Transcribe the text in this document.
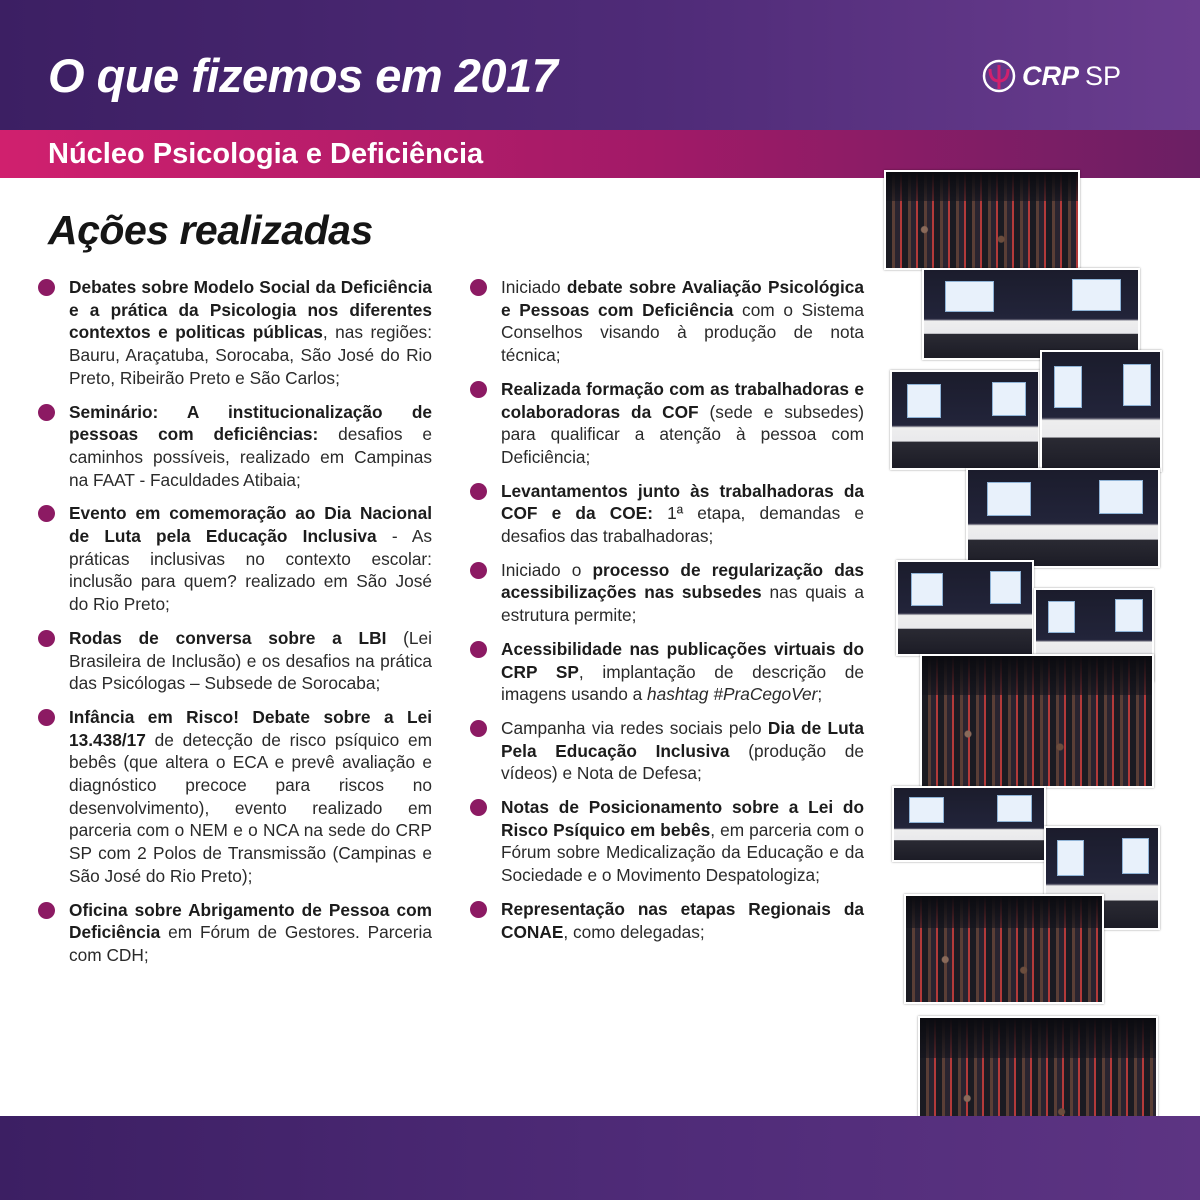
O que fizemos em 2017	CRP SP
Núcleo Psicologia e Deficiência
Ações realizadas
Debates sobre Modelo Social da Deficiência e a prática da Psicologia nos diferentes contextos e politicas públicas, nas regiões: Bauru, Araçatuba, Sorocaba, São José do Rio Preto, Ribeirão Preto e São Carlos;
Seminário: A institucionalização de pessoas com deficiências: desafios e caminhos possíveis, realizado em Campinas na FAAT - Faculdades Atibaia;
Evento em comemoração ao Dia Nacional de Luta pela Educação Inclusiva - As práticas inclusivas no contexto escolar: inclusão para quem? realizado em São José do Rio Preto;
Rodas de conversa sobre a LBI (Lei Brasileira de Inclusão) e os desafios na prática das Psicólogas – Subsede de Sorocaba;
Infância em Risco! Debate sobre a Lei 13.438/17 de detecção de risco psíquico em bebês (que altera o ECA e prevê avaliação e diagnóstico precoce para riscos no desenvolvimento), evento realizado em parceria com o NEM e o NCA na sede do CRP SP com 2 Polos de Transmissão (Campinas e São José do Rio Preto);
Oficina sobre Abrigamento de Pessoa com Deficiência em Fórum de Gestores. Parceria com CDH;
Iniciado debate sobre Avaliação Psicológica e Pessoas com Deficiência com o Sistema Conselhos visando à produção de nota técnica;
Realizada formação com as trabalhadoras e colaboradoras da COF (sede e subsedes) para qualificar a atenção à pessoa com Deficiência;
Levantamentos junto às trabalhadoras da COF e da COE: 1ª etapa, demandas e desafios das trabalhadoras;
Iniciado o processo de regularização das acessibilizações nas subsedes nas quais a estrutura permite;
Acessibilidade nas publicações virtuais do CRP SP, implantação de descrição de imagens usando a hashtag #PraCegoVer;
Campanha via redes sociais pelo Dia de Luta Pela Educação Inclusiva (produção de vídeos) e Nota de Defesa;
Notas de Posicionamento sobre a Lei do Risco Psíquico em bebês, em parceria com o Fórum sobre Medicalização da Educação e da Sociedade e o Movimento Despatologiza;
Representação nas etapas Regionais da CONAE, como delegadas;
